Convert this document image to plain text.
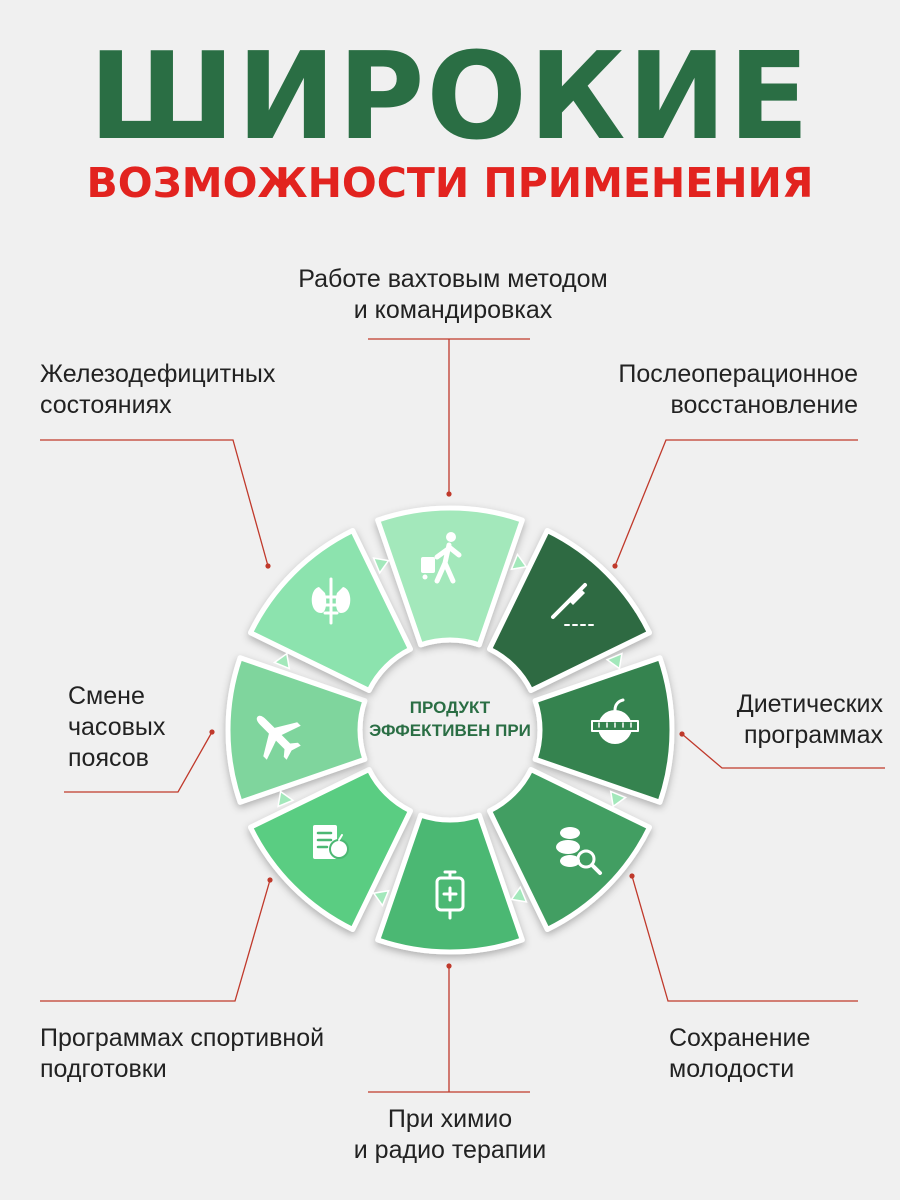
ШИРОКИЕ
ВОЗМОЖНОСТИ ПРИМЕНЕНИЯ
ПРОДУКТ
ЭФФЕКТИВЕН ПРИ
Работе вахтовым методом
и командировках
Послеоперационное
восстановление
Диетических
программах
Сохранение
молодости
При химио
и радио терапии
Программах спортивной
подготовки
Смене
часовых
поясов
Железодефицитных
состояниях
